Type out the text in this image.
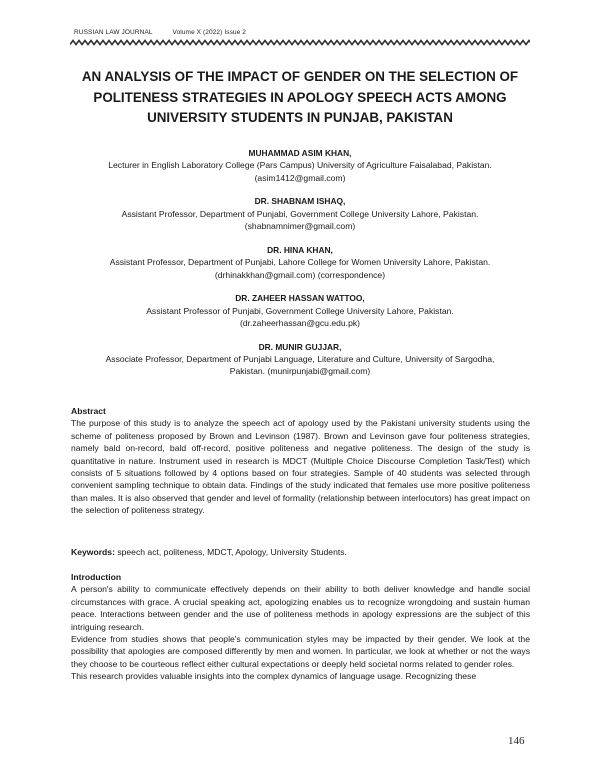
RUSSIAN LAW JOURNAL	Volume X (2022) Issue 2
AN ANALYSIS OF THE IMPACT OF GENDER ON THE SELECTION OF
POLITENESS STRATEGIES IN APOLOGY SPEECH ACTS AMONG
UNIVERSITY STUDENTS IN PUNJAB, PAKISTAN
MUHAMMAD ASIM KHAN,
Lecturer in English Laboratory College (Pars Campus) University of Agriculture Faisalabad, Pakistan.
(asim1412@gmail.com)
DR. SHABNAM ISHAQ,
Assistant Professor, Department of Punjabi, Government College University Lahore, Pakistan.
(shabnamnimer@gmail.com)
DR. HINA KHAN,
Assistant Professor, Department of Punjabi, Lahore College for Women University Lahore, Pakistan.
(drhinakkhan@gmail.com) (correspondence)
DR. ZAHEER HASSAN WATTOO,
Assistant Professor of Punjabi, Government College University Lahore, Pakistan.
(dr.zaheerhassan@gcu.edu.pk)
DR. MUNIR GUJJAR,
Associate Professor, Department of Punjabi Language, Literature and Culture, University of Sargodha,
Pakistan. (munirpunjabi@gmail.com)
Abstract

The purpose of this study is to analyze the speech act of apology used by the Pakistani university students using the scheme of politeness proposed by Brown and Levinson (1987). Brown and Levinson gave four politeness strategies, namely bald on-record, bald off-record, positive politeness and negative politeness. The design of the study is quantitative in nature. Instrument used in research is MDCT (Multiple Choice Discourse Completion Task/Test) which consists of 5 situations followed by 4 options based on four strategies. Sample of 40 students was selected through convenient sampling technique to obtain data. Findings of the study indicated that females use more positive politeness than males. It is also observed that gender and level of formality (relationship between interlocutors) has great impact on the selection of politeness strategy.

Keywords: speech act, politeness, MDCT, Apology, University Students.
Introduction

A person's ability to communicate effectively depends on their ability to both deliver knowledge and handle social circumstances with grace. A crucial speaking act, apologizing enables us to recognize wrongdoing and sustain human peace. Interactions between gender and the use of politeness methods in apology expressions are the subject of this intriguing research.

Evidence from studies shows that people's communication styles may be impacted by their gender. We look at the possibility that apologies are composed differently by men and women. In particular, we look at whether or not the ways they choose to be courteous reflect either cultural expectations or deeply held societal norms related to gender roles.

This research provides valuable insights into the complex dynamics of language usage. Recognizing these

146
